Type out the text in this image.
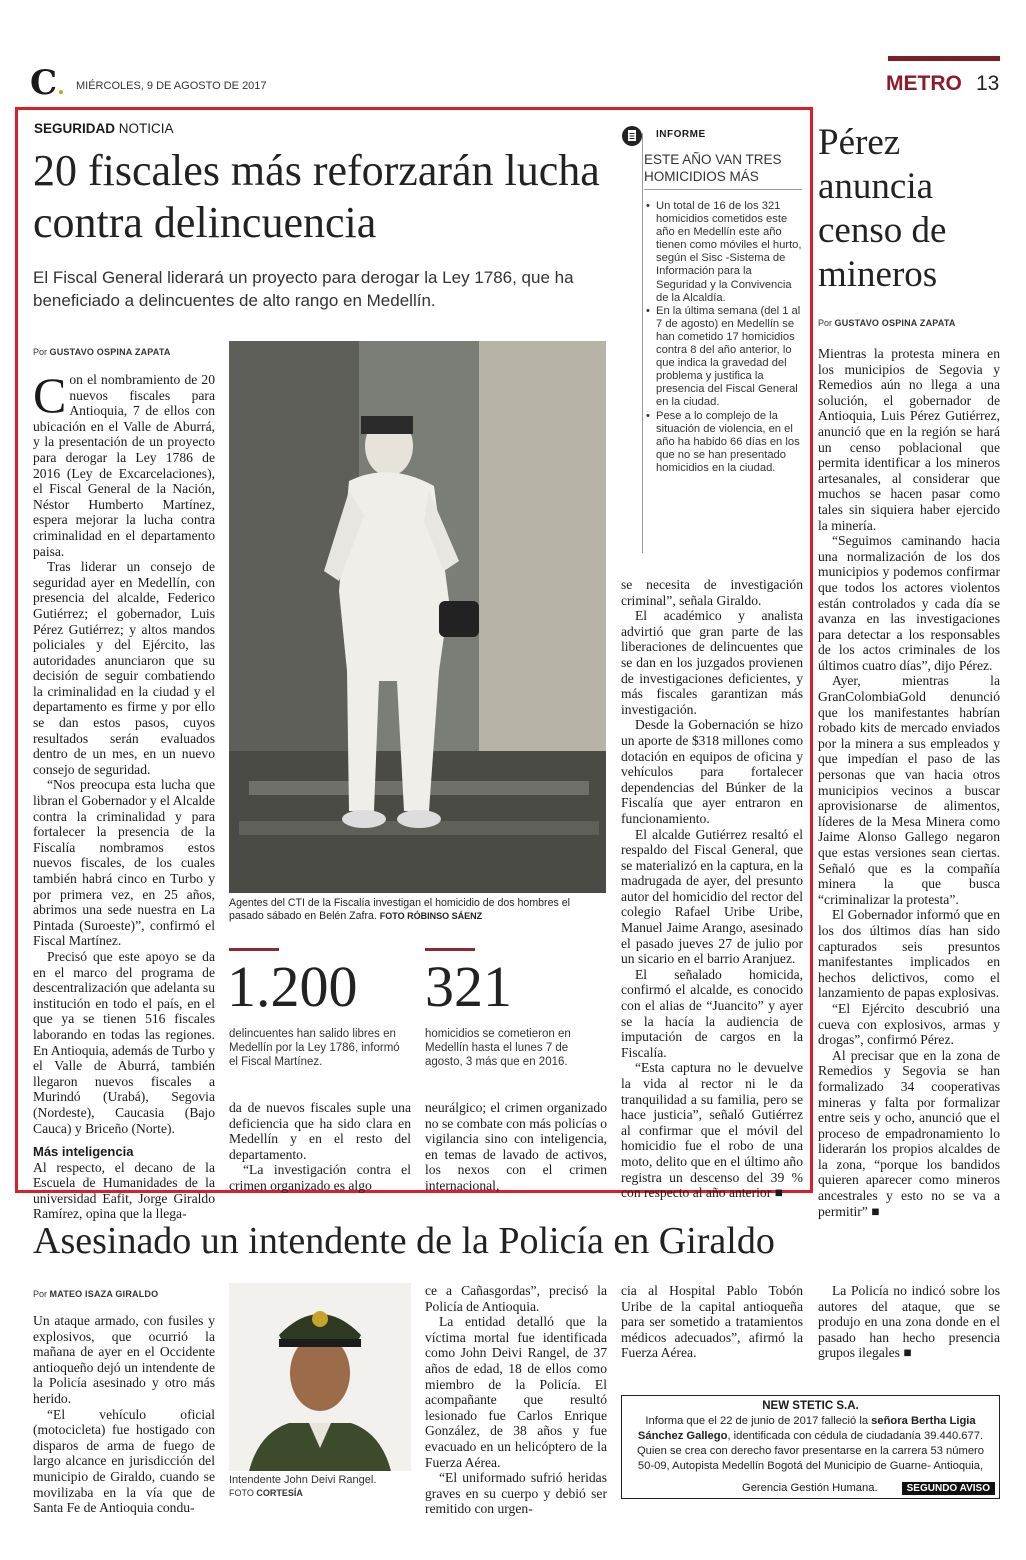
C. MIÉRCOLES, 9 DE AGOSTO DE 2017	METRO 13
SEGURIDAD NOTICIA
20 fiscales más reforzarán lucha contra delincuencia
El Fiscal General liderará un proyecto para derogar la Ley 1786, que ha beneficiado a delincuentes de alto rango en Medellín.
Por GUSTAVO OSPINA ZAPATA

Con el nombramiento de 20 nuevos fiscales para Antioquia, 7 de ellos con ubicación en el Valle de Aburrá, y la presentación de un proyecto para derogar la Ley 1786 de 2016 (Ley de Excarcelaciones), el Fiscal General de la Nación, Néstor Humberto Martínez, espera mejorar la lucha contra criminalidad en el departamento paisa.

Tras liderar un consejo de seguridad ayer en Medellín, con presencia del alcalde, Federico Gutiérrez; el gobernador, Luis Pérez Gutiérrez; y altos mandos policiales y del Ejército, las autoridades anunciaron que su decisión de seguir combatiendo la criminalidad en la ciudad y el departamento es firme y por ello se dan estos pasos, cuyos resultados serán evaluados dentro de un mes, en un nuevo consejo de seguridad.

“Nos preocupa esta lucha que libran el Gobernador y el Alcalde contra la criminalidad y para fortalecer la presencia de la Fiscalía nombramos estos nuevos fiscales, de los cuales también habrá cinco en Turbo y por primera vez, en 25 años, abrimos una sede nuestra en La Pintada (Suroeste)”, confirmó el Fiscal Martínez.

Precisó que este apoyo se da en el marco del programa de descentralización que adelanta su institución en todo el país, en el que ya se tienen 516 fiscales laborando en todas las regiones. En Antioquia, además de Turbo y el Valle de Aburrá, también llegaron nuevos fiscales a Murindó (Urabá), Segovia (Nordeste), Caucasia (Bajo Cauca) y Briceño (Norte).

Más inteligencia
Al respecto, el decano de la Escuela de Humanidades de la universidad Eafit, Jorge Giraldo Ramírez, opina que la llega-
Agentes del CTI de la Fiscalía investigan el homicidio de dos hombres el pasado sábado en Belén Zafra. FOTO RÓBINSO SÁENZ
1.200
delincuentes han salido libres en Medellín por la Ley 1786, informó el Fiscal Martínez.
321
homicidios se cometieron en Medellín hasta el lunes 7 de agosto, 3 más que en 2016.

da de nuevos fiscales suple una deficiencia que ha sido clara en Medellín y en el resto del departamento.

“La investigación contra el crimen organizado es algo

neurálgico; el crimen organizado no se combate con más policías o vigilancia sino con inteligencia, en temas de lavado de activos, los nexos con el crimen internacional,

INFORME
ESTE AÑO VAN TRES HOMICIDIOS MÁS
• Un total de 16 de los 321 homicidios cometidos este año en Medellín este año tienen como móviles el hurto, según el Sisc -Sistema de Información para la Seguridad y la Convivencia de la Alcaldía.
• En la última semana (del 1 al 7 de agosto) en Medellín se han cometido 17 homicidios contra 8 del año anterior, lo que indica la gravedad del problema y justifica la presencia del Fiscal General en la ciudad.
• Pese a lo complejo de la situación de violencia, en el año ha habido 66 días en los que no se han presentado homicidios en la ciudad.

se necesita de investigación criminal”, señala Giraldo.

El académico y analista advirtió que gran parte de las liberaciones de delincuentes que se dan en los juzgados provienen de investigaciones deficientes, y más fiscales garantizan más investigación.

Desde la Gobernación se hizo un aporte de $318 millones como dotación en equipos de oficina y vehículos para fortalecer dependencias del Búnker de la Fiscalía que ayer entraron en funcionamiento.

El alcalde Gutiérrez resaltó el respaldo del Fiscal General, que se materializó en la captura, en la madrugada de ayer, del presunto autor del homicidio del rector del colegio Rafael Uribe Uribe, Manuel Jaime Arango, asesinado el pasado jueves 27 de julio por un sicario en el barrio Aranjuez.

El señalado homicida, confirmó el alcalde, es conocido con el alias de “Juancito” y ayer se la hacía la audiencia de imputación de cargos en la Fiscalía.

“Esta captura no le devuelve la vida al rector ni le da tranquilidad a su familia, pero se hace justicia”, señaló Gutiérrez al confirmar que el móvil del homicidio fue el robo de una moto, delito que en el último año registra un descenso del 39 % con respecto al año anterior ■

Pérez anuncia censo de mineros
Por GUSTAVO OSPINA ZAPATA

Mientras la protesta minera en los municipios de Segovia y Remedios aún no llega a una solución, el gobernador de Antioquia, Luis Pérez Gutiérrez, anunció que en la región se hará un censo poblacional que permita identificar a los mineros artesanales, al considerar que muchos se hacen pasar como tales sin siquiera haber ejercido la minería.

“Seguimos caminando hacia una normalización de los dos municipios y podemos confirmar que todos los actores violentos están controlados y cada día se avanza en las investigaciones para detectar a los responsables de los actos criminales de los últimos cuatro días”, dijo Pérez.

Ayer, mientras la GranColombiaGold denunció que los manifestantes habrían robado kits de mercado enviados por la minera a sus empleados y que impedían el paso de las personas que van hacia otros municipios vecinos a buscar aprovisionarse de alimentos, líderes de la Mesa Minera como Jaime Alonso Gallego negaron que estas versiones sean ciertas. Señaló que es la compañía minera la que busca “criminalizar la protesta”.

El Gobernador informó que en los dos últimos días han sido capturados seis presuntos manifestantes implicados en hechos delictivos, como el lanzamiento de papas explosivas.

“El Ejército descubrió una cueva con explosivos, armas y drogas”, confirmó Pérez.

Al precisar que en la zona de Remedios y Segovia se han formalizado 34 cooperativas mineras y falta por formalizar entre seis y ocho, anunció que el proceso de empadronamiento lo liderarán los propios alcaldes de la zona, “porque los bandidos quieren aparecer como mineros ancestrales y esto no se va a permitir” ■

Asesinado un intendente de la Policía en Giraldo
Por MATEO ISAZA GIRALDO

Un ataque armado, con fusiles y explosivos, que ocurrió la mañana de ayer en el Occidente antioqueño dejó un intendente de la Policía asesinado y otro más herido.

“El vehículo oficial (motocicleta) fue hostigado con disparos de arma de fuego de largo alcance en jurisdicción del municipio de Giraldo, cuando se movilizaba en la vía que de Santa Fe de Antioquia condu-

Intendente John Deivi Rangel.
FOTO CORTESÍA

ce a Cañasgordas”, precisó la Policía de Antioquia.

La entidad detalló que la víctima mortal fue identificada como John Deivi Rangel, de 37 años de edad, 18 de ellos como miembro de la Policía. El acompañante que resultó lesionado fue Carlos Enrique González, de 38 años y fue evacuado en un helicóptero de la Fuerza Aérea.

“El uniformado sufrió heridas graves en su cuerpo y debió ser remitido con urgen-

cia al Hospital Pablo Tobón Uribe de la capital antioqueña para ser sometido a tratamientos médicos adecuados”, afirmó la Fuerza Aérea.

La Policía no indicó sobre los autores del ataque, que se produjo en una zona donde en el pasado han hecho presencia grupos ilegales ■

NEW STETIC S.A.
Informa que el 22 de junio de 2017 falleció la señora Bertha Ligia Sánchez Gallego, identificada con cédula de ciudadanía 39.440.677. Quien se crea con derecho favor presentarse en la carrera 53 número 50-09, Autopista Medellín Bogotá del Municipio de Guarne- Antioquia,
Gerencia Gestión Humana.	SEGUNDO AVISO
